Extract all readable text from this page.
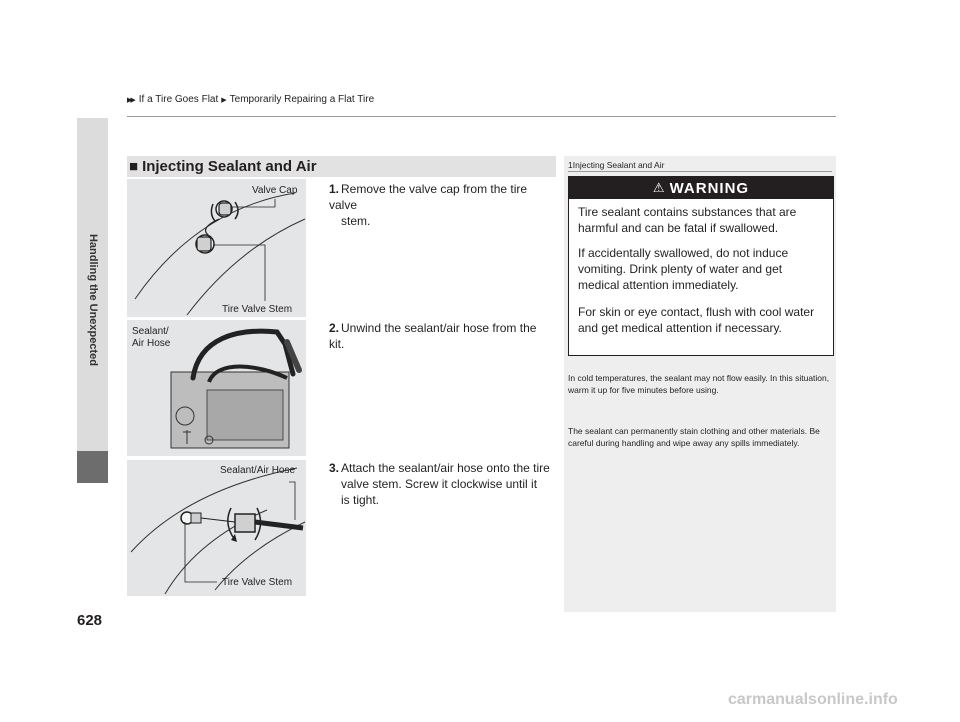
▶▶ If a Tire Goes Flat ▶ Temporarily Repairing a Flat Tire
Handling the Unexpected
628
■ Injecting Sealant and Air
Valve Cap
Tire Valve Stem
Sealant/
Air Hose
Sealant/Air Hose
Tire Valve Stem
1. Remove the valve cap from the tire valve
stem.
2. Unwind the sealant/air hose from the kit.
3. Attach the sealant/air hose onto the tire
valve stem. Screw it clockwise until it is tight.
1Injecting Sealant and Air
⚠ WARNING
Tire sealant contains substances that are harmful and can be fatal if swallowed.
If accidentally swallowed, do not induce vomiting. Drink plenty of water and get medical attention immediately.
For skin or eye contact, flush with cool water and get medical attention if necessary.
In cold temperatures, the sealant may not flow easily. In this situation, warm it up for five minutes before using.
The sealant can permanently stain clothing and other materials. Be careful during handling and wipe away any spills immediately.
carmanualsonline.info
